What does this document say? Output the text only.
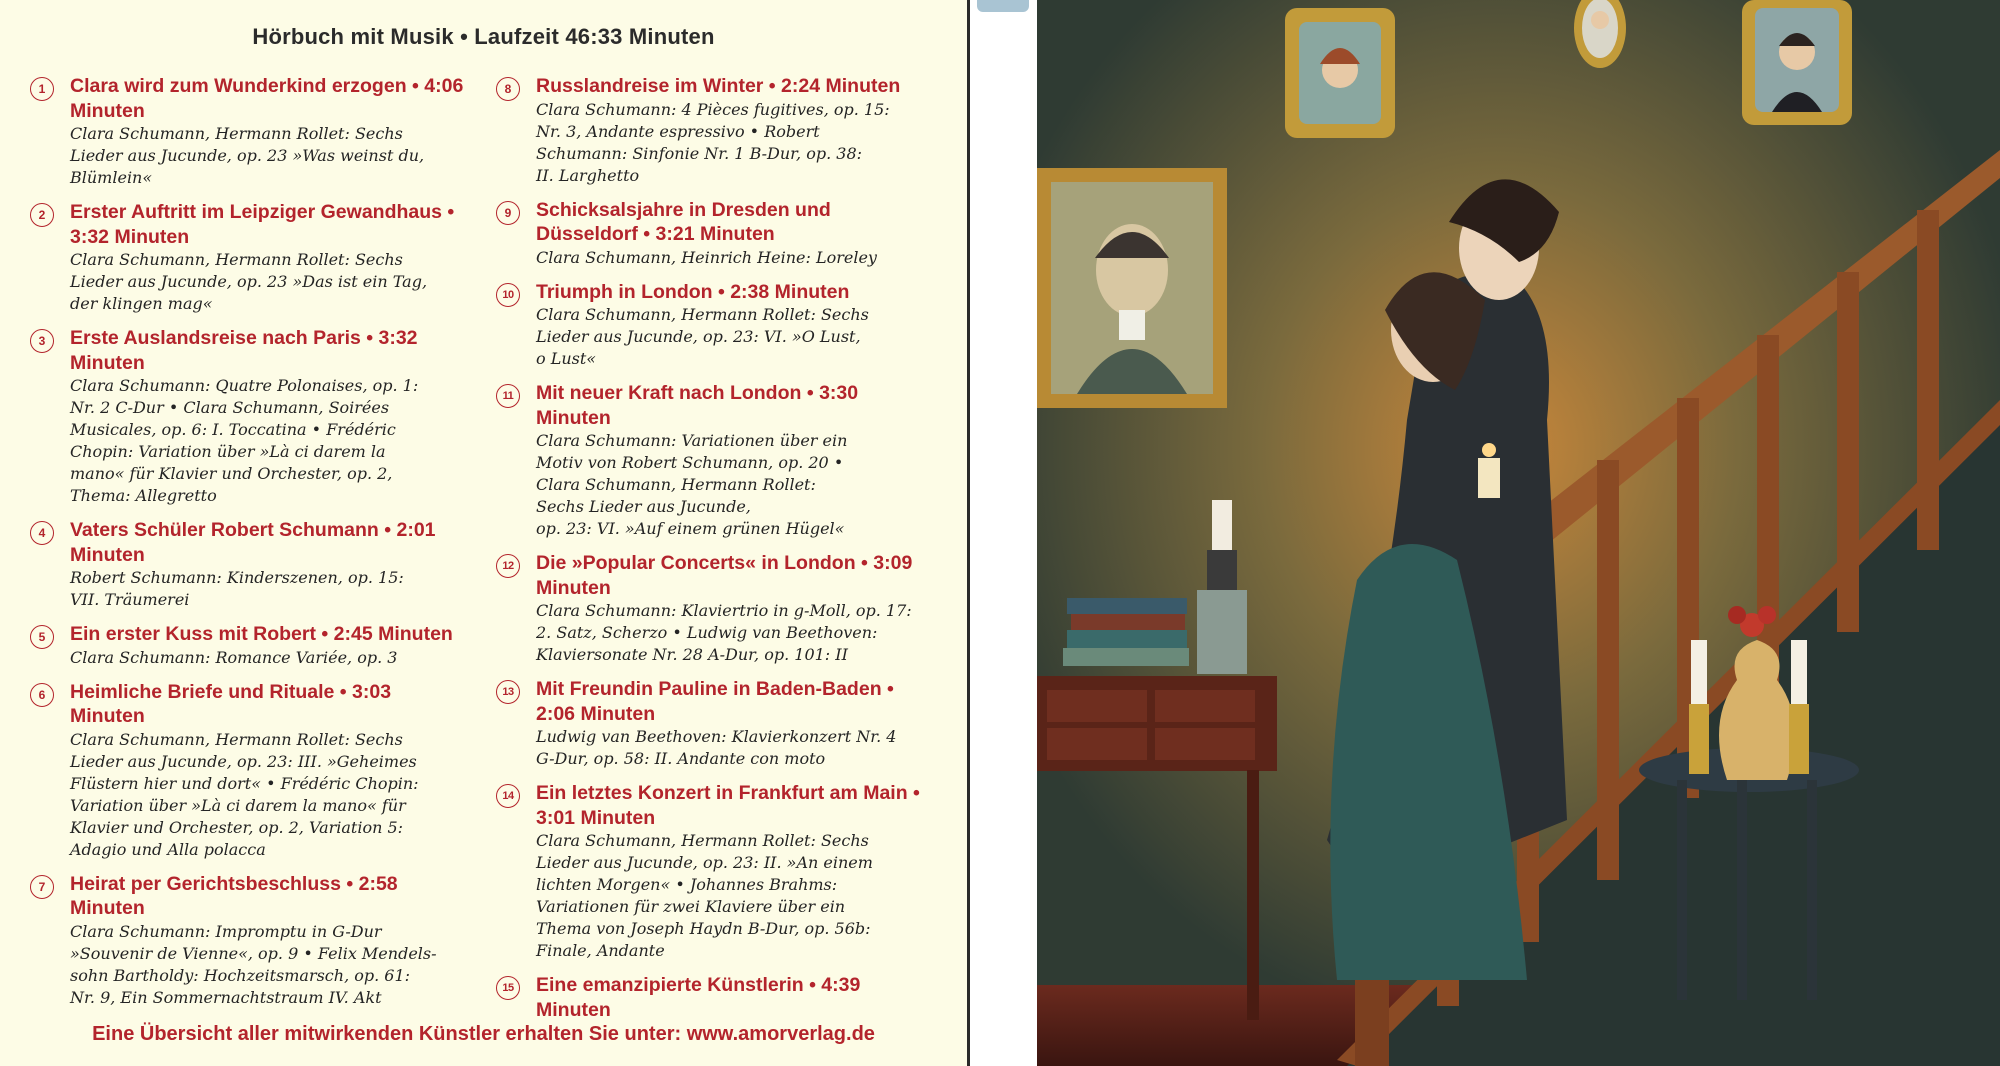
Hörbuch mit Musik • Laufzeit 46:33 Minuten
1	Clara wird zum Wunderkind erzogen • 4:06 Minuten
Clara Schumann, Hermann Rollet: Sechs
Lieder aus Jucunde, op. 23 »Was weinst du,
Blümlein«
2	Erster Auftritt im Leipziger Gewandhaus • 3:32 Minuten
Clara Schumann, Hermann Rollet: Sechs
Lieder aus Jucunde, op. 23 »Das ist ein Tag,
der klingen mag«
3	Erste Auslandsreise nach Paris • 3:32 Minuten
Clara Schumann: Quatre Polonaises, op. 1:
Nr. 2 C-Dur • Clara Schumann, Soirées
Musicales, op. 6: I. Toccatina • Frédéric
Chopin: Variation über »Là ci darem la
mano« für Klavier und Orchester, op. 2,
Thema: Allegretto
4	Vaters Schüler Robert Schumann • 2:01 Minuten
Robert Schumann: Kinderszenen, op. 15:
VII. Träumerei
5	Ein erster Kuss mit Robert • 2:45 Minuten
Clara Schumann: Romance Variée, op. 3
6	Heimliche Briefe und Rituale • 3:03 Minuten
Clara Schumann, Hermann Rollet: Sechs
Lieder aus Jucunde, op. 23: III. »Geheimes
Flüstern hier und dort« • Frédéric Chopin:
Variation über »Là ci darem la mano« für
Klavier und Orchester, op. 2, Variation 5:
Adagio und Alla polacca
7	Heirat per Gerichtsbeschluss • 2:58 Minuten
Clara Schumann: Impromptu in G-Dur
»Souvenir de Vienne«, op. 9 • Felix Mendels-
sohn Bartholdy: Hochzeitsmarsch, op. 61:
Nr. 9, Ein Sommernachtstraum IV. Akt
8	Russlandreise im Winter • 2:24 Minuten
Clara Schumann: 4 Pièces fugitives, op. 15:
Nr. 3, Andante espressivo • Robert
Schumann: Sinfonie Nr. 1 B-Dur, op. 38:
II. Larghetto
9	Schicksalsjahre in Dresden und Düsseldorf • 3:21 Minuten
Clara Schumann, Heinrich Heine: Loreley
10	Triumph in London • 2:38 Minuten
Clara Schumann, Hermann Rollet: Sechs
Lieder aus Jucunde, op. 23: VI. »O Lust,
o Lust«
11	Mit neuer Kraft nach London • 3:30 Minuten
Clara Schumann: Variationen über ein
Motiv von Robert Schumann, op. 20 •
Clara Schumann, Hermann Rollet:
Sechs Lieder aus Jucunde,
op. 23: VI. »Auf einem grünen Hügel«
12	Die »Popular Concerts« in London • 3:09 Minuten
Clara Schumann: Klaviertrio in g-Moll, op. 17:
2. Satz, Scherzo • Ludwig van Beethoven:
Klaviersonate Nr. 28 A-Dur, op. 101: II
13	Mit Freundin Pauline in Baden-Baden • 2:06 Minuten
Ludwig van Beethoven: Klavierkonzert Nr. 4
G-Dur, op. 58: II. Andante con moto
14	Ein letztes Konzert in Frankfurt am Main • 3:01 Minuten
Clara Schumann, Hermann Rollet: Sechs
Lieder aus Jucunde, op. 23: II. »An einem
lichten Morgen« • Johannes Brahms:
Variationen für zwei Klaviere über ein
Thema von Joseph Haydn B-Dur, op. 56b:
Finale, Andante
15	Eine emanzipierte Künstlerin • 4:39 Minuten
Eine Übersicht aller mitwirkenden Künstler erhalten Sie unter: www.amorverlag.de
